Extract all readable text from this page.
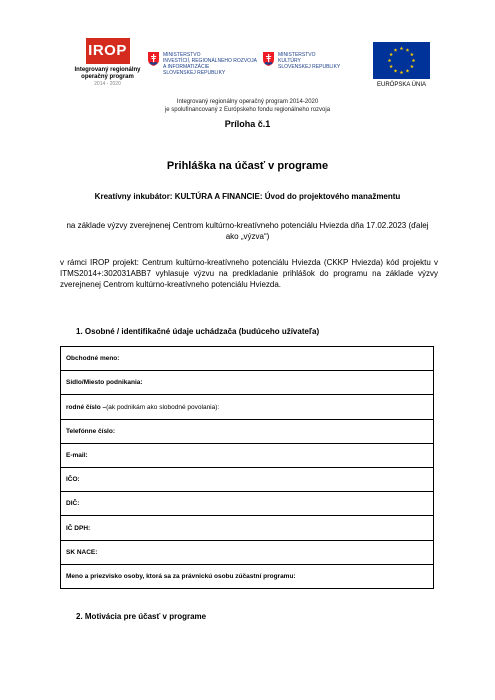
IROP
Integrovaný regionálny operačný program
2014 - 2020
MINISTERSTVO
INVESTÍCIÍ, REGIONÁLNEHO ROZVOJA
A INFORMATIZÁCIE
SLOVENSKEJ REPUBLIKY
MINISTERSTVO
KULTÚRY
SLOVENSKEJ REPUBLIKY
EURÓPSKA ÚNIA
Integrovaný regionálny operačný program 2014-2020
je spolufinancovaný z Európskeho fondu regionálneho rozvoja
Príloha č.1
Prihláška na účasť v programe
Kreatívny inkubátor: KULTÚRA A FINANCIE: Úvod do projektového manažmentu
na základe výzvy zverejnenej Centrom kultúrno-kreatívneho potenciálu Hviezda dňa 17.02.2023 (ďalej ako „výzva“)
v rámci IROP projekt: Centrum kultúrno-kreatívneho potenciálu Hviezda (CKKP Hviezda) kód projektu v ITMS2014+:302031ABB7 vyhlasuje výzvu na predkladanie prihlášok do programu na základe výzvy zverejnenej Centrom kultúrno-kreatívneho potenciálu Hviezda.
1. Osobné / identifikačné údaje uchádzača (budúceho užívateľa)
Obchodné meno:
Sídlo/Miesto podnikania:
rodné číslo – (ak podnikám ako slobodné povolania):
Telefónne číslo:
E-mail:
IČO:
DIČ:
IČ DPH:
SK NACE:
Meno a priezvisko osoby, ktorá sa za právnickú osobu zúčastní programu:
2. Motivácia pre účasť v programe
